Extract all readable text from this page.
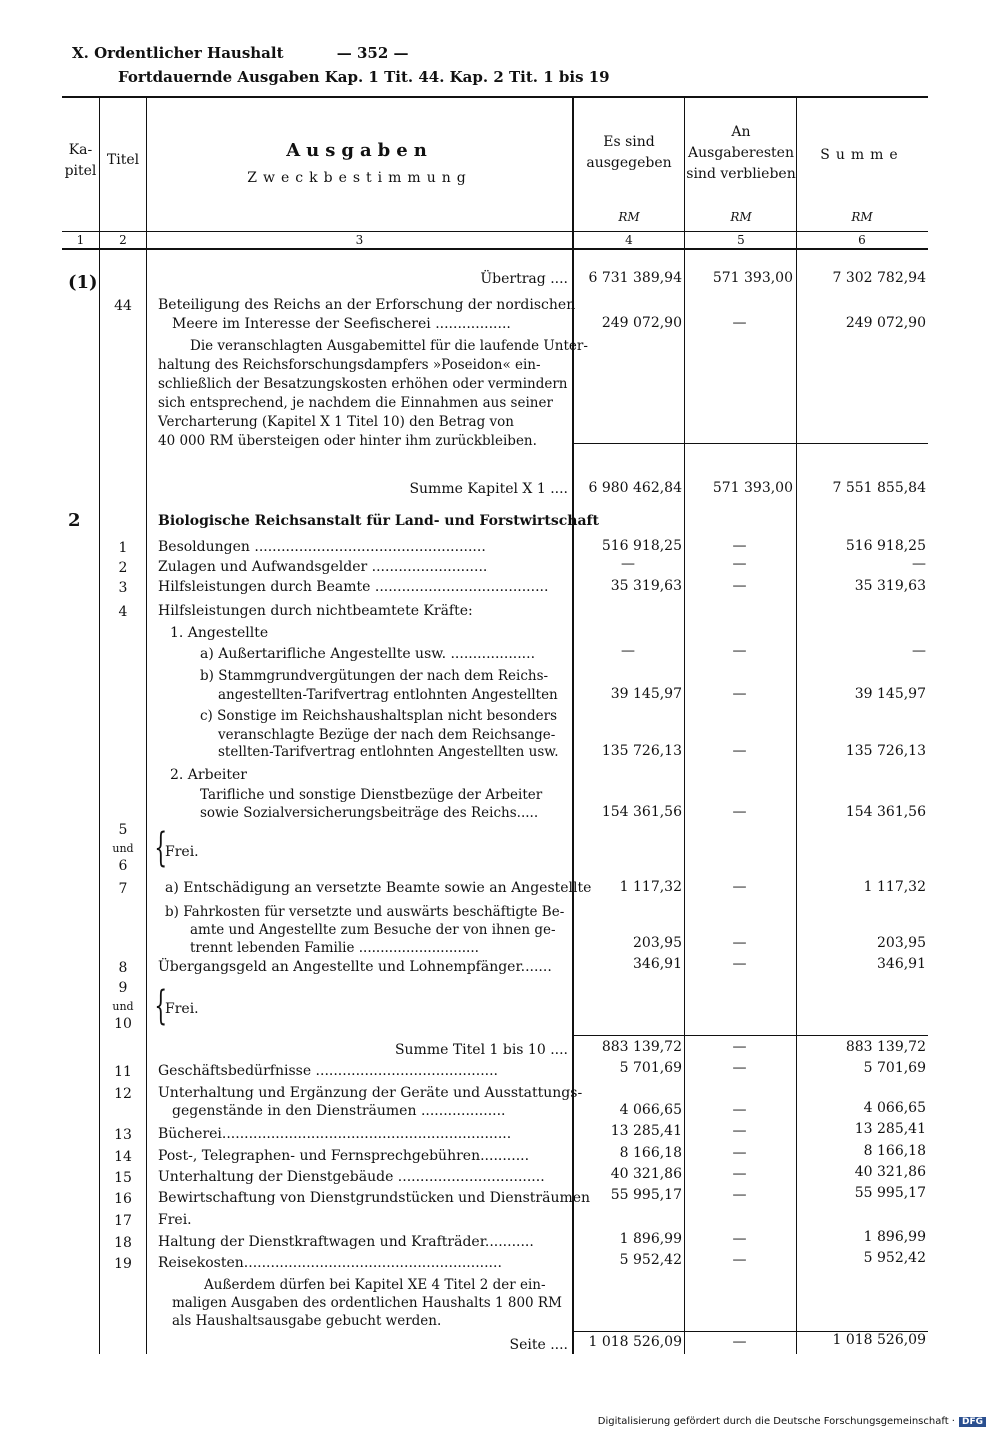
X. Ordentlicher Haushalt	— 352 —
Fortdauernde Ausgaben Kap. 1 Tit. 44. Kap. 2 Tit. 1 bis 19
Ka-
pitel
Titel	Ausgaben
Zweckbestimmung
Es sind
ausgegeben
An
Ausgaberesten
sind verblieben
Summe
RM	RM	RM
1	2	3	4	5	6
(1)	Übertrag ....	6 731 389,94	571 393,00	7 302 782,94
44	Beteiligung des Reichs an der Erforschung der nordischen
Meere im Interesse der Seefischerei .................	249 072,90	—	249 072,90
Die veranschlagten Ausgabemittel für die laufende Unter-
haltung des Reichsforschungsdampfers »Poseidon« ein-
schließlich der Besatzungskosten erhöhen oder vermindern
sich entsprechend, je nachdem die Einnahmen aus seiner
Vercharterung (Kapitel X 1 Titel 10) den Betrag von
40 000 RM übersteigen oder hinter ihm zurückbleiben.
Summe Kapitel X 1 ....	6 980 462,84	571 393,00	7 551 855,84
2	Biologische Reichsanstalt für Land- und Forstwirtschaft
1	Besoldungen ....................................................	516 918,25	—	516 918,25
2	Zulagen und Aufwandsgelder ..........................	—	—	—
3	Hilfsleistungen durch Beamte .......................................	35 319,63	—	35 319,63
4	Hilfsleistungen durch nichtbeamtete Kräfte:
1. Angestellte
a) Außertarifliche Angestellte usw. ...................	—	—	—
b) Stammgrundvergütungen der nach dem Reichs-
angestellten-Tarifvertrag entlohnten Angestellten	39 145,97	—	39 145,97
c) Sonstige im Reichshaushaltsplan nicht besonders
veranschlagte Bezüge der nach dem Reichsange-
stellten-Tarifvertrag entlohnten Angestellten usw.	135 726,13	—	135 726,13
2. Arbeiter
Tarifliche und sonstige Dienstbezüge der Arbeiter
sowie Sozialversicherungsbeiträge des Reichs.....	154 361,56	—	154 361,56
5
und
6 {
Frei.
7	a) Entschädigung an versetzte Beamte sowie an Angestellte	1 117,32	—	1 117,32
b) Fahrkosten für versetzte und auswärts beschäftigte Be-
amte und Angestellte zum Besuche der von ihnen ge-
trennt lebenden Familie ............................	203,95	—	203,95
8	Übergangsgeld an Angestellte und Lohnempfänger.......	346,91	—	346,91
9
und
10 {
Frei.
Summe Titel 1 bis 10 ....	883 139,72	—	883 139,72
11	Geschäftsbedürfnisse .........................................	5 701,69	—	5 701,69
12	Unterhaltung und Ergänzung der Geräte und Ausstattungs-
gegenstände in den Diensträumen ...................	4 066,65	—	4 066,65
13	Bücherei.................................................................	13 285,41	—	13 285,41
14	Post-, Telegraphen- und Fernsprechgebühren...........	8 166,18	—	8 166,18
15	Unterhaltung der Dienstgebäude .................................	40 321,86	—	40 321,86
16	Bewirtschaftung von Dienstgrundstücken und Diensträumen	55 995,17	—	55 995,17
17	Frei.
18	Haltung der Dienstkraftwagen und Krafträder...........	1 896,99	—	1 896,99
19	Reisekosten..........................................................	5 952,42	—	5 952,42
Außerdem dürfen bei Kapitel XE 4 Titel 2 der ein-
maligen Ausgaben des ordentlichen Haushalts 1 800 RM
als Haushaltsausgabe gebucht werden.
Seite ....	1 018 526,09	—	1 018 526,09
Digitalisierung gefördert durch die Deutsche Forschungsgemeinschaft · DFG
